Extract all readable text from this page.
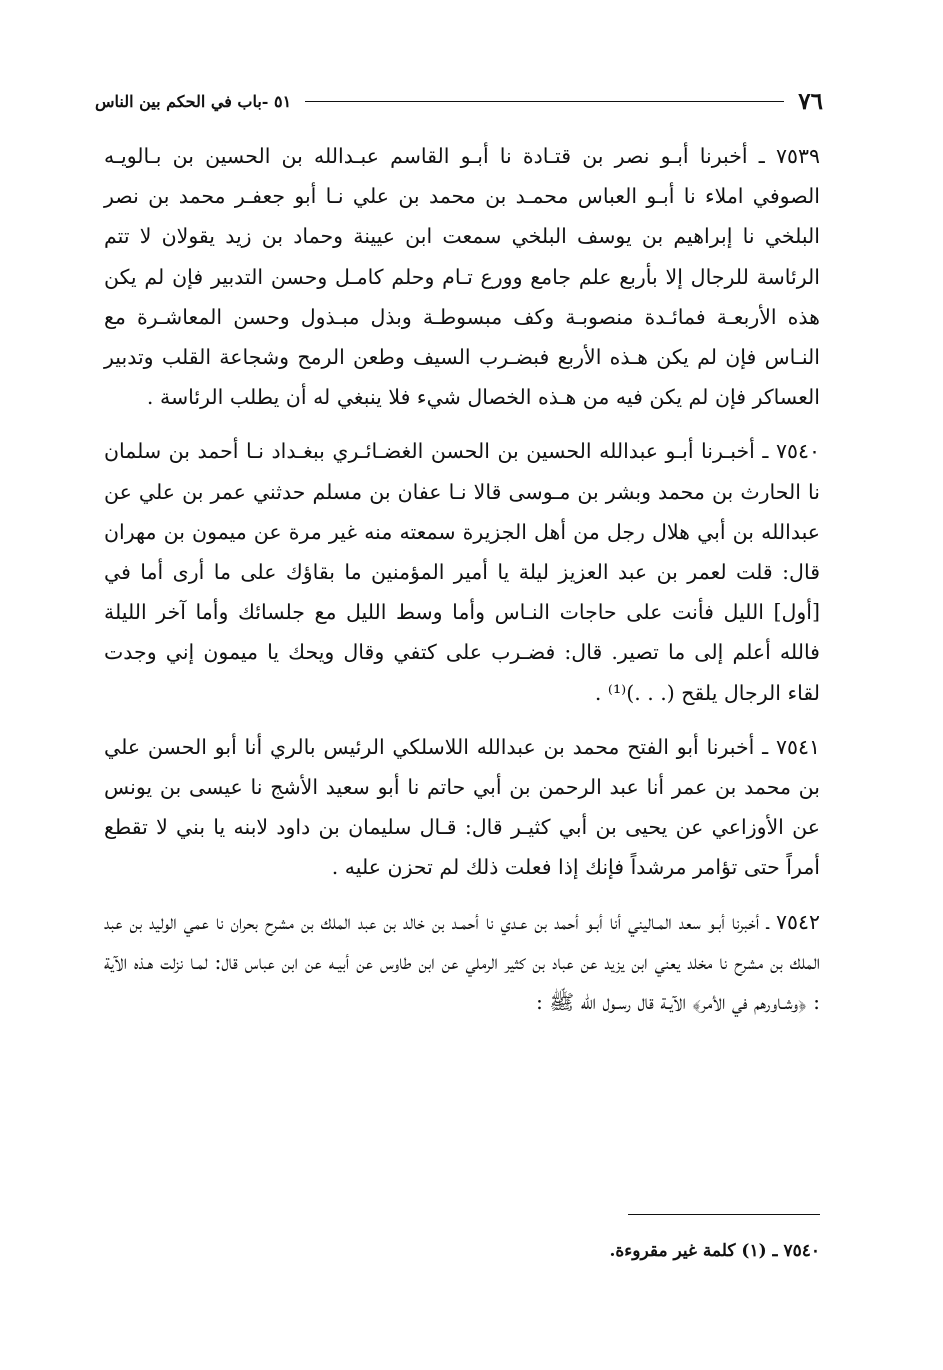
٧٦
٥١ -باب في الحكم بين الناس

٧٥٣٩ ـ أخبرنا أبـو نصر بن قتـادة نا أبـو القاسم عبـدالله بن الحسين بن بـالويـه الصوفي املاء نا أبـو العباس محمـد بن محمد بن علي نـا أبو جعفـر محمد بن نصر البلخي نا إبراهيم بن يوسف البلخي سمعت ابن عيينة وحماد بن زيد يقولان لا تتم الرئاسة للرجال إلا بأربع علم جامع وورع تـام وحلم كامـل وحسن التدبير فإن لم يكن هذه الأربعـة فمائـدة منصوبـة وكف مبسوطـة وبذل مبـذول وحسن المعاشـرة مع النـاس فإن لم يكن هـذه الأربع فبضـرب السيف وطعن الرمح وشجاعة القلب وتدبير العساكر فإن لم يكن فيه من هـذه الخصال شيء فلا ينبغي له أن يطلب الرئاسة .

٧٥٤٠ ـ أخبـرنا أبـو عبدالله الحسين بن الحسن الغضـائـري ببغـداد نـا أحمد بن سلمان نا الحارث بن محمد وبشر بن مـوسى قالا نـا عفان بن مسلم حدثني عمر بن علي عن عبدالله بن أبي هلال رجل من أهل الجزيرة سمعته منه غير مرة عن ميمون بن مهران قال: قلت لعمر بن عبد العزيز ليلة يا أمير المؤمنين ما بقاؤك على ما أرى أما في [أول] الليل فأنت على حاجات النـاس وأما وسط الليل مع جلسائك وأما آخر الليلة فالله أعلم إلى ما تصير. قال: فضـرب على كتفي وقال ويحك يا ميمون إني وجدت لقاء الرجال يلقح (. . .)⁽¹⁾ .

٧٥٤١ ـ أخبرنا أبو الفتح محمد بن عبدالله اللاسلكي الرئيس بالري أنا أبو الحسن علي بن محمد بن عمر أنا عبد الرحمن بن أبي حاتم نا أبو سعيد الأشج نا عيسى بن يونس عن الأوزاعي عن يحيى بن أبي كثيـر قال: قـال سليمان بن داود لابنه يا بني لا تقطع أمراً حتى تؤامر مرشداً فإنك إذا فعلت ذلك لم تحزن عليه .

٧٥٤٢ ـ أخبرنا أبـو سعد المـاليني أنا أبـو أحمد بن عـدي نا أحمـد بن خالد بن عبد الملك بن مشرح بحران نا عمي الوليد بن عبد الملك بن مشرح نا مخلد يعني ابن يزيد عن عباد بن كثير الرملي عن ابن طاوس عن أبيـه عن ابن عباس قال: لمـا نزلت هـذه الآية : ﴿وشـاورهم في الأمر﴾ الآيـة قال رسـول الله ﷺ :

٧٥٤٠ ـ (١) كلمة غير مقروءة.
